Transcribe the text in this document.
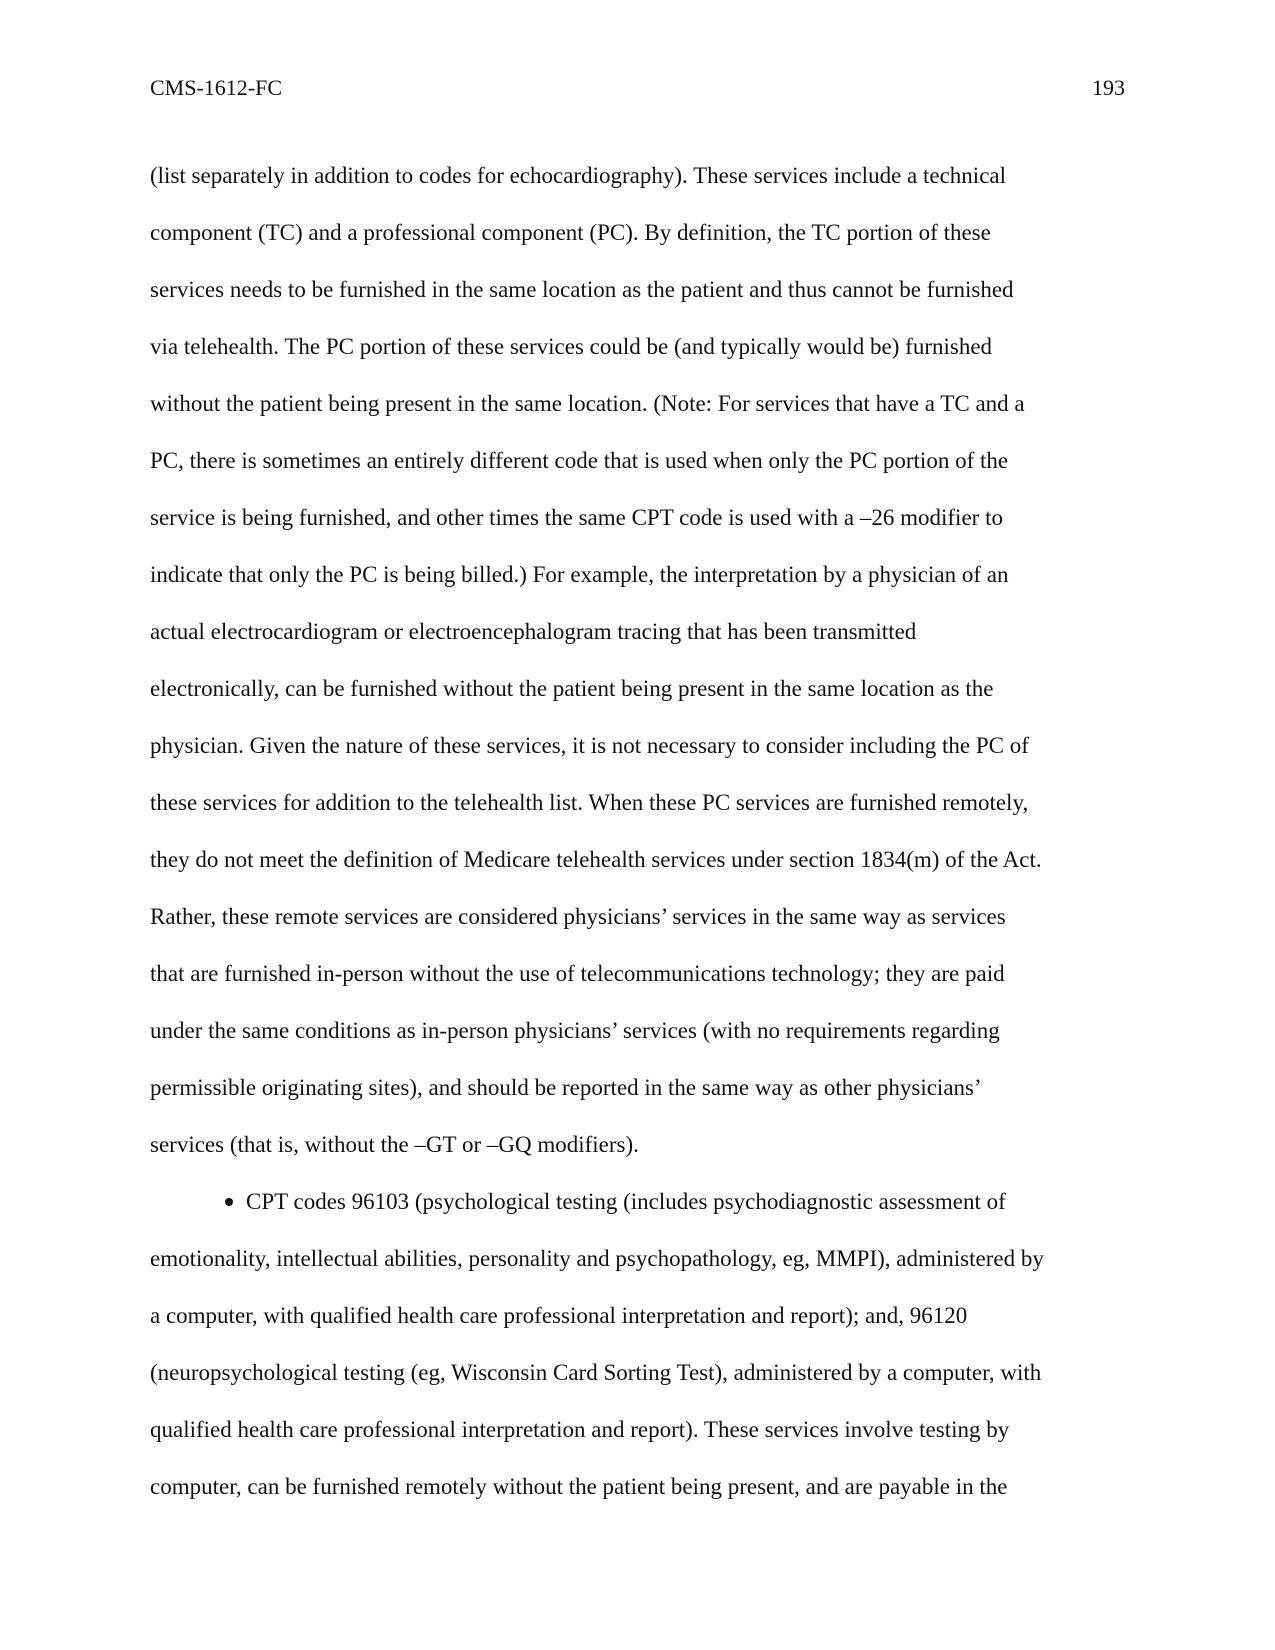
CMS-1612-FC	193
(list separately in addition to codes for echocardiography). These services include a technical
component (TC) and a professional component (PC). By definition, the TC portion of these
services needs to be furnished in the same location as the patient and thus cannot be furnished
via telehealth. The PC portion of these services could be (and typically would be) furnished
without the patient being present in the same location. (Note: For services that have a TC and a
PC, there is sometimes an entirely different code that is used when only the PC portion of the
service is being furnished, and other times the same CPT code is used with a –26 modifier to
indicate that only the PC is being billed.) For example, the interpretation by a physician of an
actual electrocardiogram or electroencephalogram tracing that has been transmitted
electronically, can be furnished without the patient being present in the same location as the
physician. Given the nature of these services, it is not necessary to consider including the PC of
these services for addition to the telehealth list. When these PC services are furnished remotely,
they do not meet the definition of Medicare telehealth services under section 1834(m) of the Act.
Rather, these remote services are considered physicians’ services in the same way as services
that are furnished in-person without the use of telecommunications technology; they are paid
under the same conditions as in-person physicians’ services (with no requirements regarding
permissible originating sites), and should be reported in the same way as other physicians’
services (that is, without the –GT or –GQ modifiers).
CPT codes 96103 (psychological testing (includes psychodiagnostic assessment of
emotionality, intellectual abilities, personality and psychopathology, eg, MMPI), administered by
a computer, with qualified health care professional interpretation and report); and, 96120
(neuropsychological testing (eg, Wisconsin Card Sorting Test), administered by a computer, with
qualified health care professional interpretation and report). These services involve testing by
computer, can be furnished remotely without the patient being present, and are payable in the
